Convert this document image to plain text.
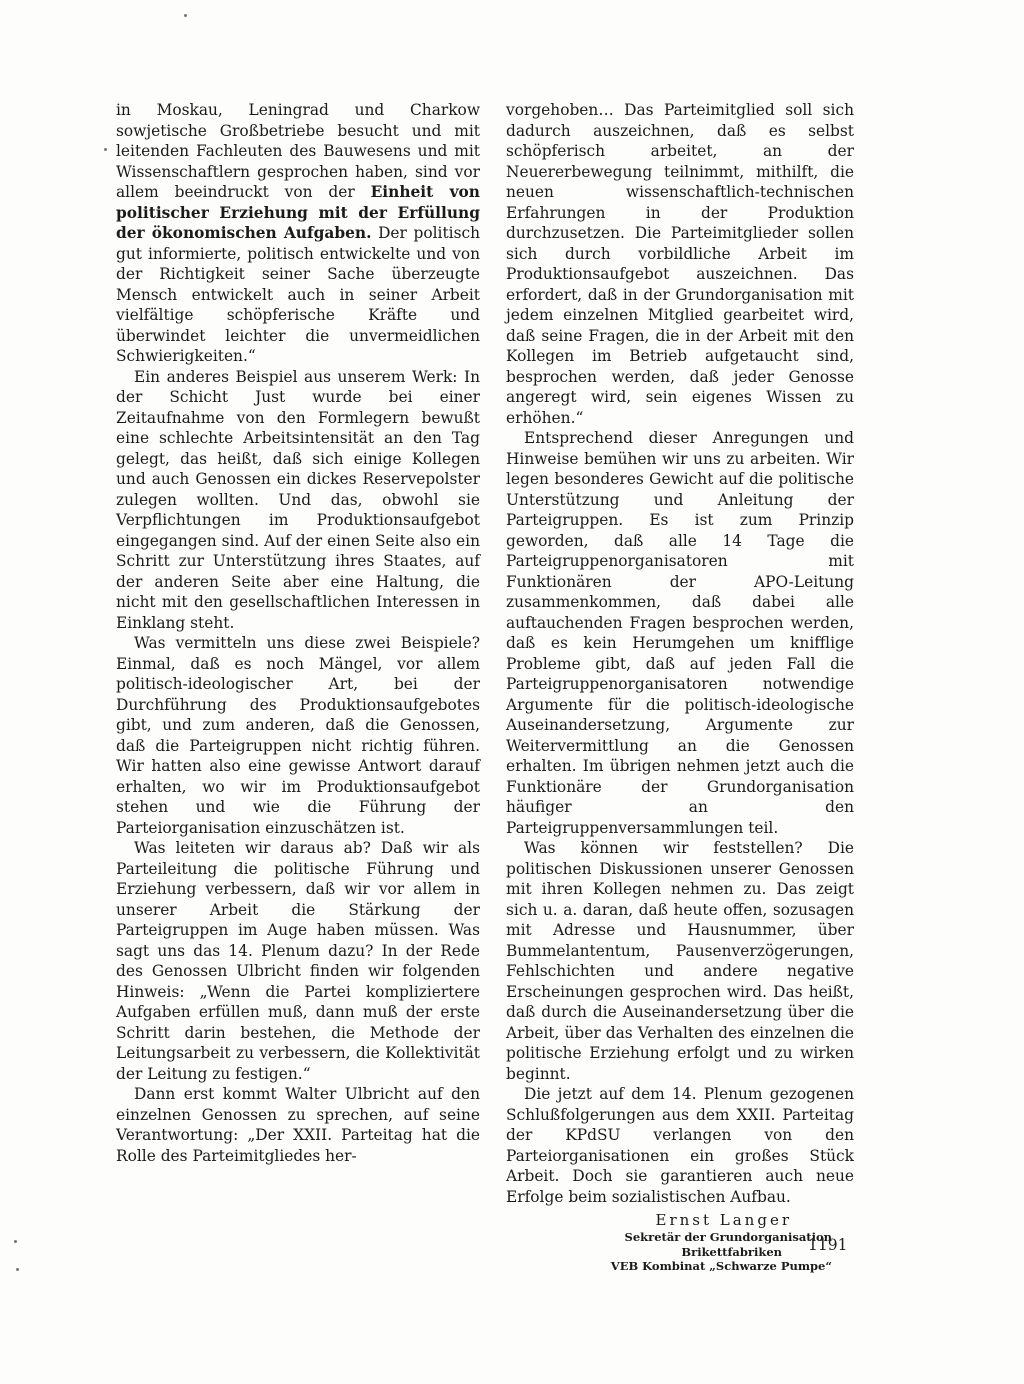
in Moskau, Leningrad und Charkow sowjetische Großbetriebe besucht und mit leitenden Fachleuten des Bauwesens und mit Wissenschaftlern gesprochen haben, sind vor allem beeindruckt von der Einheit von politischer Erziehung mit der Erfüllung der ökonomischen Aufgaben. Der politisch gut informierte, politisch entwickelte und von der Richtigkeit seiner Sache überzeugte Mensch entwickelt auch in seiner Arbeit vielfältige schöpferische Kräfte und überwindet leichter die unvermeidlichen Schwierigkeiten.“

Ein anderes Beispiel aus unserem Werk: In der Schicht Just wurde bei einer Zeitaufnahme von den Formlegern bewußt eine schlechte Arbeitsintensität an den Tag gelegt, das heißt, daß sich einige Kollegen und auch Genossen ein dickes Reservepolster zulegen wollten. Und das, obwohl sie Verpflichtungen im Produktionsaufgebot eingegangen sind. Auf der einen Seite also ein Schritt zur Unterstützung ihres Staates, auf der anderen Seite aber eine Haltung, die nicht mit den gesellschaftlichen Interessen in Einklang steht.

Was vermitteln uns diese zwei Beispiele? Einmal, daß es noch Mängel, vor allem politisch-ideologischer Art, bei der Durchführung des Produktionsaufgebotes gibt, und zum anderen, daß die Genossen, daß die Parteigruppen nicht richtig führen. Wir hatten also eine gewisse Antwort darauf erhalten, wo wir im Produktionsaufgebot stehen und wie die Führung der Parteiorganisation einzuschätzen ist.

Was leiteten wir daraus ab? Daß wir als Parteileitung die politische Führung und Erziehung verbessern, daß wir vor allem in unserer Arbeit die Stärkung der Parteigruppen im Auge haben müssen. Was sagt uns das 14. Plenum dazu? In der Rede des Genossen Ulbricht finden wir folgenden Hinweis: „Wenn die Partei kompliziertere Aufgaben erfüllen muß, dann muß der erste Schritt darin bestehen, die Methode der Leitungsarbeit zu verbessern, die Kollektivität der Leitung zu festigen.“

Dann erst kommt Walter Ulbricht auf den einzelnen Genossen zu sprechen, auf seine Verantwortung: „Der XXII. Parteitag hat die Rolle des Parteimitgliedes her-

vorgehoben… Das Parteimitglied soll sich dadurch auszeichnen, daß es selbst schöpferisch arbeitet, an der Neuererbewegung teilnimmt, mithilft, die neuen wissenschaftlich-technischen Erfahrungen in der Produktion durchzusetzen. Die Parteimitglieder sollen sich durch vorbildliche Arbeit im Produktionsaufgebot auszeichnen. Das erfordert, daß in der Grundorganisation mit jedem einzelnen Mitglied gearbeitet wird, daß seine Fragen, die in der Arbeit mit den Kollegen im Betrieb aufgetaucht sind, besprochen werden, daß jeder Genosse angeregt wird, sein eigenes Wissen zu erhöhen.“

Entsprechend dieser Anregungen und Hinweise bemühen wir uns zu arbeiten. Wir legen besonderes Gewicht auf die politische Unterstützung und Anleitung der Parteigruppen. Es ist zum Prinzip geworden, daß alle 14 Tage die Parteigruppenorganisatoren mit Funktionären der APO-Leitung zusammenkommen, daß dabei alle auftauchenden Fragen besprochen werden, daß es kein Herumgehen um knifflige Probleme gibt, daß auf jeden Fall die Parteigruppenorganisatoren notwendige Argumente für die politisch-ideologische Auseinandersetzung, Argumente zur Weitervermittlung an die Genossen erhalten. Im übrigen nehmen jetzt auch die Funktionäre der Grundorganisation häufiger an den Parteigruppenversammlungen teil.

Was können wir feststellen? Die politischen Diskussionen unserer Genossen mit ihren Kollegen nehmen zu. Das zeigt sich u. a. daran, daß heute offen, sozusagen mit Adresse und Hausnummer, über Bummelantentum, Pausenverzögerungen, Fehlschichten und andere negative Erscheinungen gesprochen wird. Das heißt, daß durch die Auseinandersetzung über die Arbeit, über das Verhalten des einzelnen die politische Erziehung erfolgt und zu wirken beginnt.

Die jetzt auf dem 14. Plenum gezogenen Schlußfolgerungen aus dem XXII. Parteitag der KPdSU verlangen von den Parteiorganisationen ein großes Stück Arbeit. Doch sie garantieren auch neue Erfolge beim sozialistischen Aufbau.

Ernst Langer
Sekretär der Grundorganisation
Brikettfabriken
VEB Kombinat „Schwarze Pumpe“
1191
